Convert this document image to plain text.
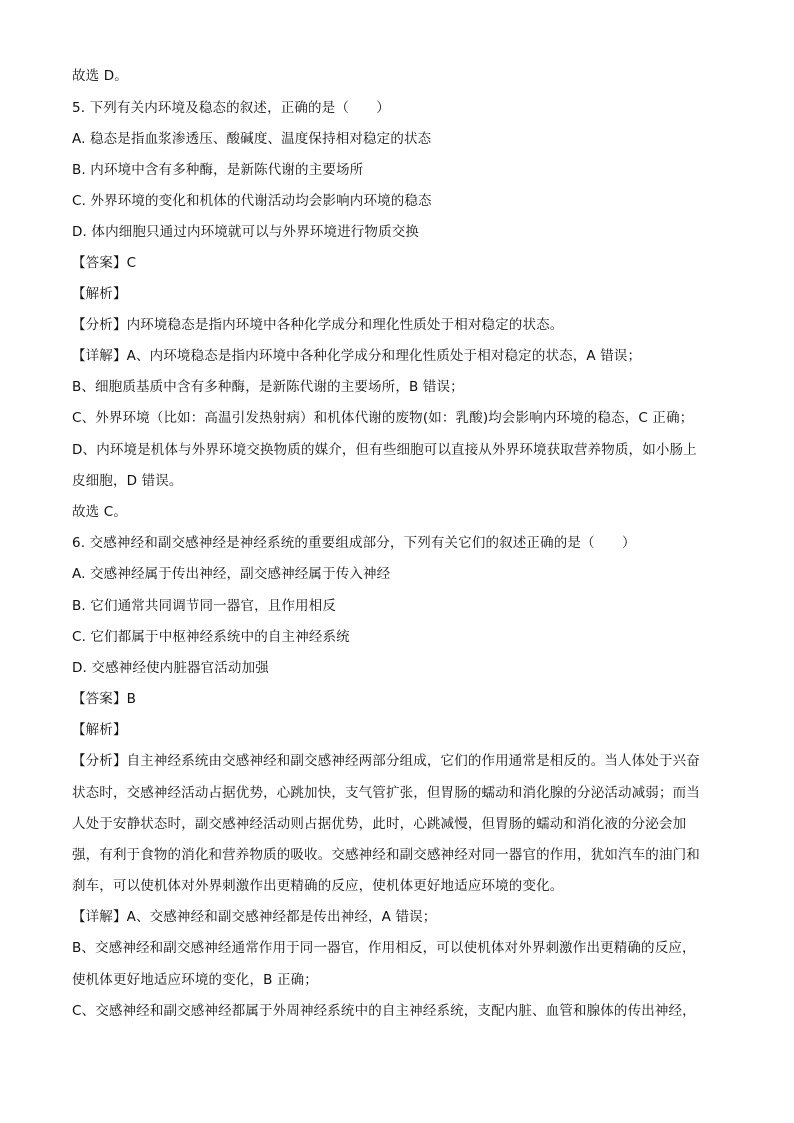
故选 D。
5. 下列有关内环境及稳态的叙述，正确的是（　　）
A. 稳态是指血浆渗透压、酸碱度、温度保持相对稳定的状态
B. 内环境中含有多种酶，是新陈代谢的主要场所
C. 外界环境的变化和机体的代谢活动均会影响内环境的稳态
D. 体内细胞只通过内环境就可以与外界环境进行物质交换
【答案】C
【解析】
【分析】内环境稳态是指内环境中各种化学成分和理化性质处于相对稳定的状态。
【详解】A、内环境稳态是指内环境中各种化学成分和理化性质处于相对稳定的状态，A 错误；
B、细胞质基质中含有多种酶，是新陈代谢的主要场所，B 错误；
C、外界环境（比如：高温引发热射病）和机体代谢的废物(如：乳酸)均会影响内环境的稳态，C 正确；
D、内环境是机体与外界环境交换物质的媒介，但有些细胞可以直接从外界环境获取营养物质，如小肠上
皮细胞，D 错误。
故选 C。
6. 交感神经和副交感神经是神经系统的重要组成部分，下列有关它们的叙述正确的是（　　）
A. 交感神经属于传出神经，副交感神经属于传入神经
B. 它们通常共同调节同一器官，且作用相反
C. 它们都属于中枢神经系统中的自主神经系统
D. 交感神经使内脏器官活动加强
【答案】B
【解析】
【分析】自主神经系统由交感神经和副交感神经两部分组成，它们的作用通常是相反的。当人体处于兴奋
状态时，交感神经活动占据优势，心跳加快，支气管扩张，但胃肠的蠕动和消化腺的分泌活动减弱；而当
人处于安静状态时，副交感神经活动则占据优势，此时，心跳减慢，但胃肠的蠕动和消化液的分泌会加
强，有利于食物的消化和营养物质的吸收。交感神经和副交感神经对同一器官的作用，犹如汽车的油门和
刹车，可以使机体对外界刺激作出更精确的反应，使机体更好地适应环境的变化。
【详解】A、交感神经和副交感神经都是传出神经，A 错误；
B、交感神经和副交感神经通常作用于同一器官，作用相反，可以使机体对外界刺激作出更精确的反应，
使机体更好地适应环境的变化，B 正确；
C、交感神经和副交感神经都属于外周神经系统中的自主神经系统，支配内脏、血管和腺体的传出神经，
